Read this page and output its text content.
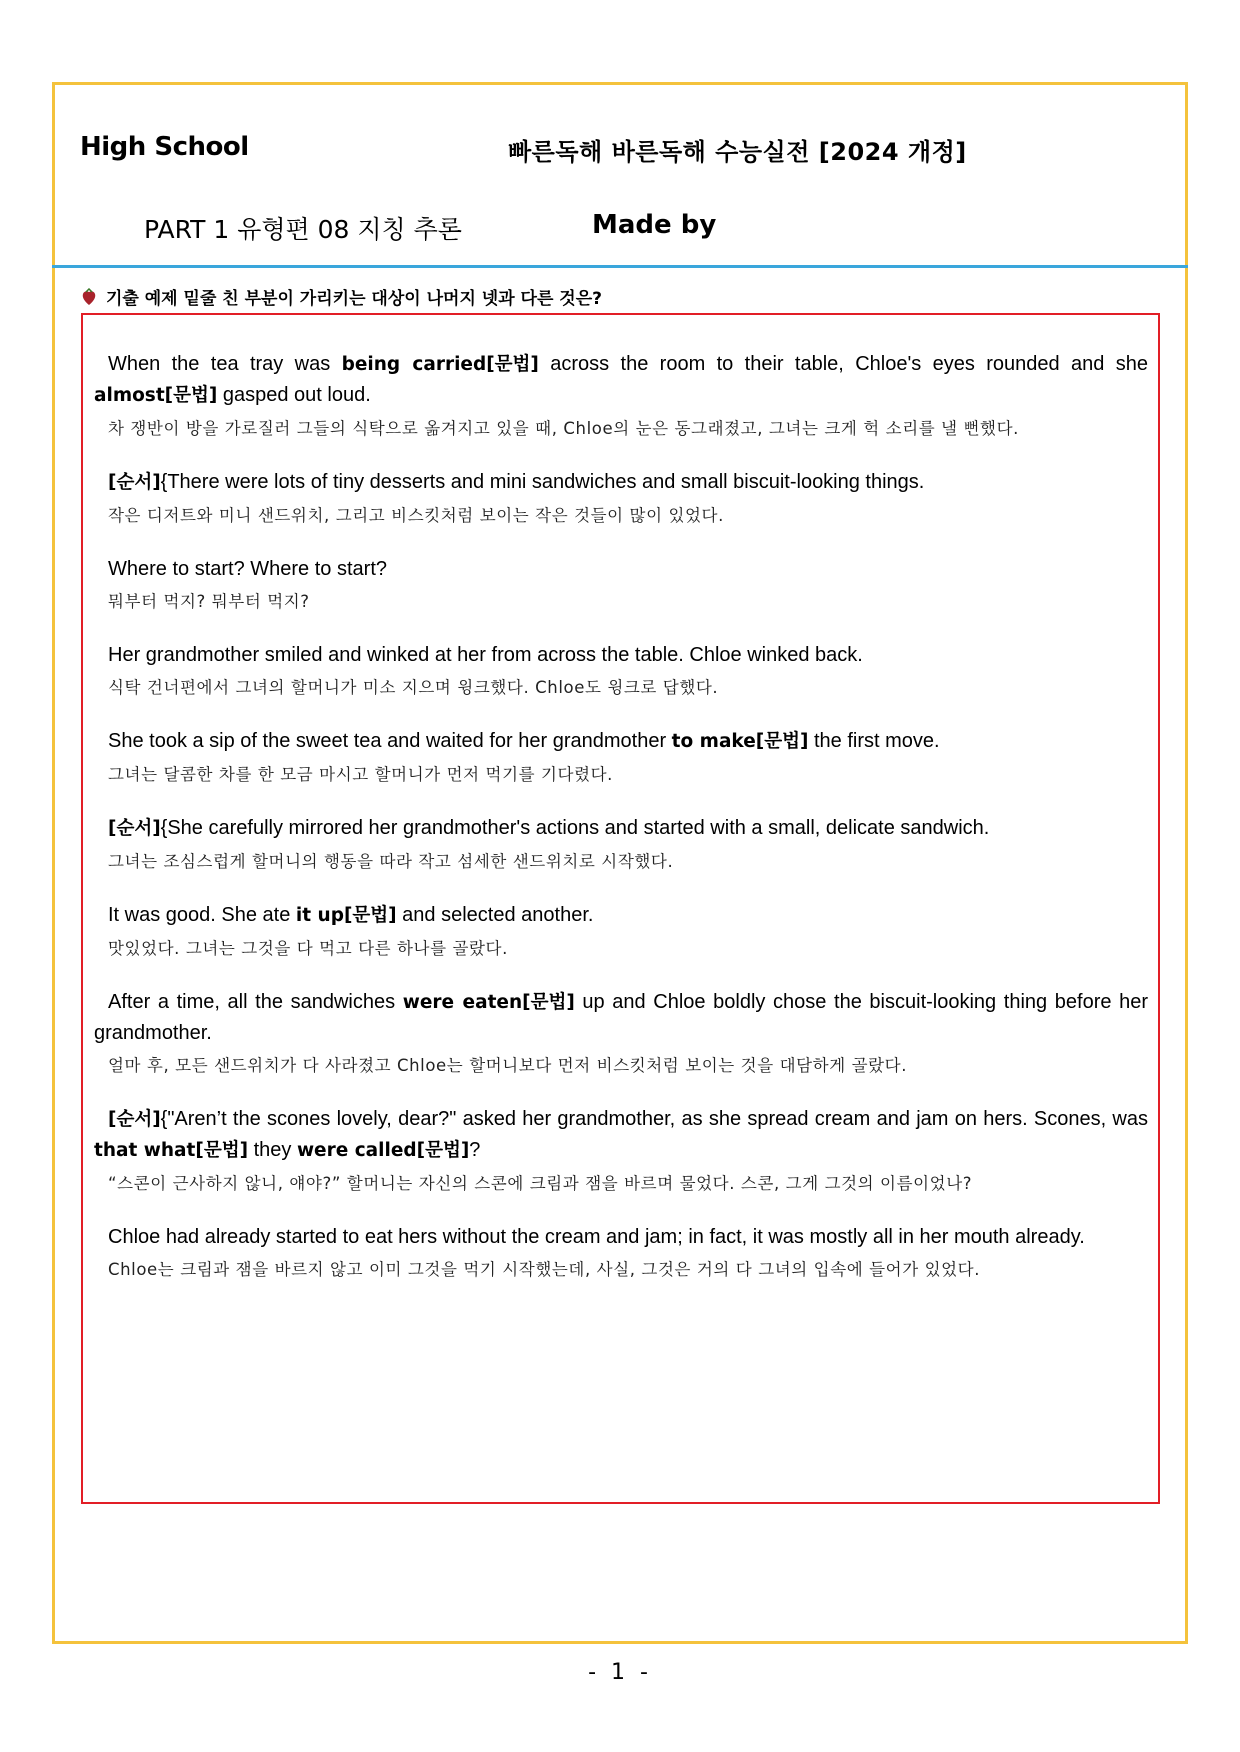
High School	빠른독해 바른독해 수능실전 [2024 개정]
PART 1 유형편 08 지칭 추론	Made by
기출 예제 밑줄 친 부분이 가리키는 대상이 나머지 넷과 다른 것은?
When the tea tray was being carried[문법] across the room to their table, Chloe's eyes rounded and she almost[문법] gasped out loud.
차 쟁반이 방을 가로질러 그들의 식탁으로 옮겨지고 있을 때, Chloe의 눈은 동그래졌고, 그녀는 크게 헉 소리를 낼 뻔했다.
[순서]{There were lots of tiny desserts and mini sandwiches and small biscuit-looking things.
작은 디저트와 미니 샌드위치, 그리고 비스킷처럼 보이는 작은 것들이 많이 있었다.
Where to start? Where to start?
뭐부터 먹지? 뭐부터 먹지?
Her grandmother smiled and winked at her from across the table. Chloe winked back.
식탁 건너편에서 그녀의 할머니가 미소 지으며 윙크했다. Chloe도 윙크로 답했다.
She took a sip of the sweet tea and waited for her grandmother to make[문법] the first move.
그녀는 달콤한 차를 한 모금 마시고 할머니가 먼저 먹기를 기다렸다.
[순서]{She carefully mirrored her grandmother's actions and started with a small, delicate sandwich.
그녀는 조심스럽게 할머니의 행동을 따라 작고 섬세한 샌드위치로 시작했다.
It was good. She ate it up[문법] and selected another.
맛있었다. 그녀는 그것을 다 먹고 다른 하나를 골랐다.
After a time, all the sandwiches were eaten[문법] up and Chloe boldly chose the biscuit-looking thing before her grandmother.
얼마 후, 모든 샌드위치가 다 사라졌고 Chloe는 할머니보다 먼저 비스킷처럼 보이는 것을 대담하게 골랐다.
[순서]{"Aren’t the scones lovely, dear?" asked her grandmother, as she spread cream and jam on hers. Scones, was that what[문법] they were called[문법]?
“스콘이 근사하지 않니, 얘야?” 할머니는 자신의 스콘에 크림과 잼을 바르며 물었다. 스콘, 그게 그것의 이름이었나?
Chloe had already started to eat hers without the cream and jam; in fact, it was mostly all in her mouth already.
Chloe는 크림과 잼을 바르지 않고 이미 그것을 먹기 시작했는데, 사실, 그것은 거의 다 그녀의 입속에 들어가 있었다.
- 1 -
